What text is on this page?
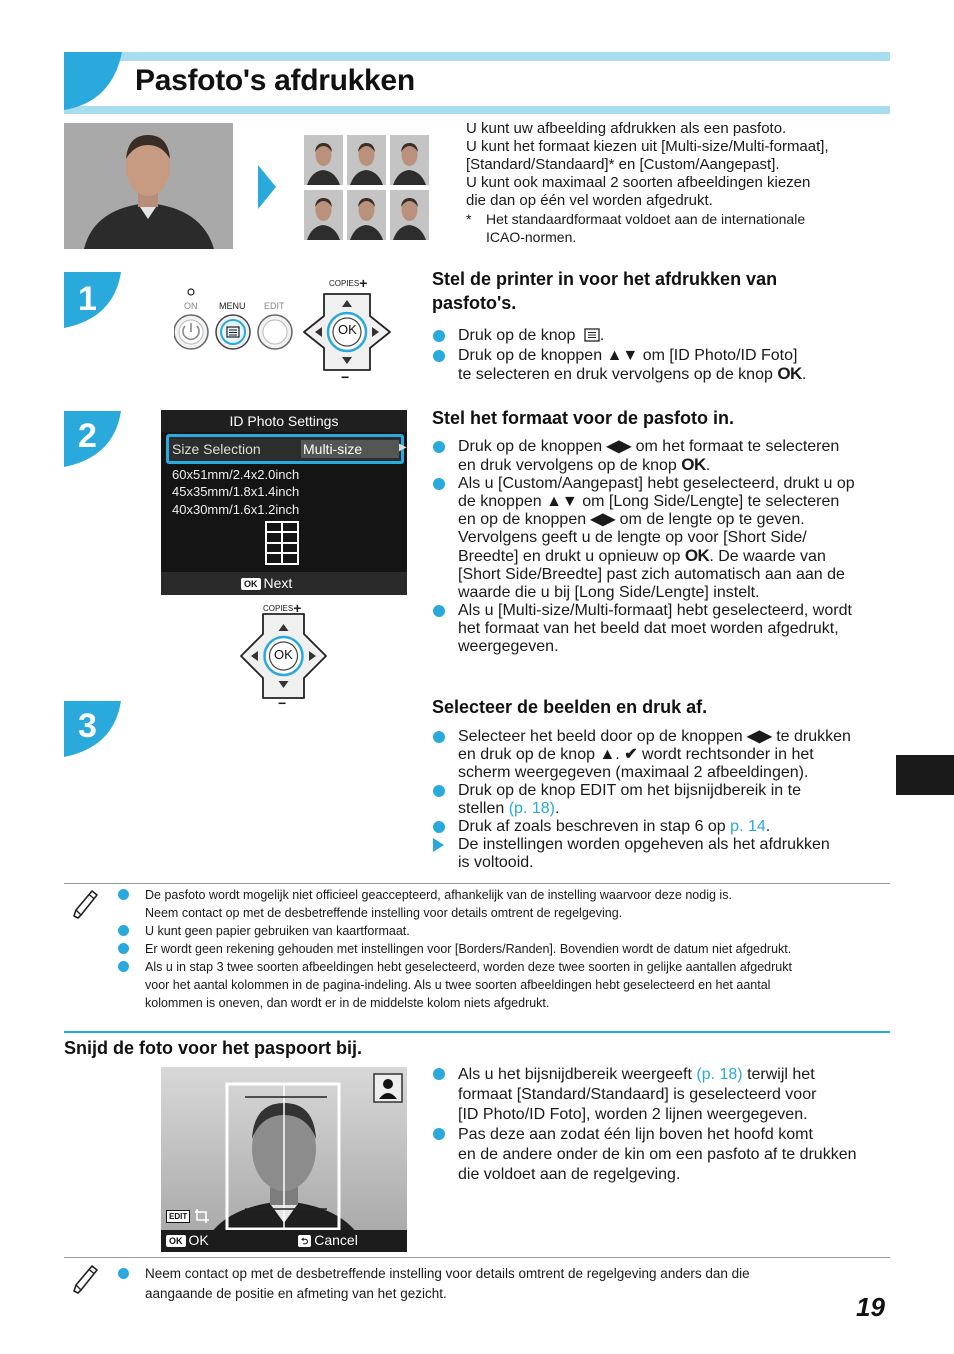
Pasfoto's afdrukken
U kunt uw afbeelding afdrukken als een pasfoto.
U kunt het formaat kiezen uit [Multi-size/Multi-formaat],
[Standard/Standaard]* en [Custom/Aangepast].
U kunt ook maximaal 2 soorten afbeeldingen kiezen
die dan op één vel worden afgedrukt.
*	Het standaardformaat voldoet aan de internationale
ICAO-normen.
1	ON MENU EDIT
COPIES+
OK
−
Stel de printer in voor het afdrukken van
pasfoto's.
Druk op de knop .
Druk op de knoppen ▲▼ om [ID Photo/ID Foto]
te selecteren en druk vervolgens op de knop OK.
2	ID Photo Settings
Size Selection	Multi-size	▶
60x51mm/2.4x2.0inch
45x35mm/1.8x1.4inch
40x30mm/1.6x1.2inch
OK Next
COPIES+
OK
−
Stel het formaat voor de pasfoto in.
Druk op de knoppen ◀▶ om het formaat te selecteren
en druk vervolgens op de knop OK.
Als u [Custom/Aangepast] hebt geselecteerd, drukt u op
de knoppen ▲▼ om [Long Side/Lengte] te selecteren
en op de knoppen ◀▶ om de lengte op te geven.
Vervolgens geeft u de lengte op voor [Short Side/
Breedte] en drukt u opnieuw op OK. De waarde van
[Short Side/Breedte] past zich automatisch aan aan de
waarde die u bij [Long Side/Lengte] instelt.
Als u [Multi-size/Multi-formaat] hebt geselecteerd, wordt
het formaat van het beeld dat moet worden afgedrukt,
weergegeven.
3	Selecteer de beelden en druk af.
Selecteer het beeld door op de knoppen ◀▶ te drukken
en druk op de knop ▲. ✔ wordt rechtsonder in het
scherm weergegeven (maximaal 2 afbeeldingen).
Druk op de knop EDIT om het bijsnijdbereik in te
stellen (p. 18).
Druk af zoals beschreven in stap 6 op p. 14.
De instellingen worden opgeheven als het afdrukken
is voltooid.
De pasfoto wordt mogelijk niet officieel geaccepteerd, afhankelijk van de instelling waarvoor deze nodig is.
Neem contact op met de desbetreffende instelling voor details omtrent de regelgeving.
U kunt geen papier gebruiken van kaartformaat.
Er wordt geen rekening gehouden met instellingen voor [Borders/Randen]. Bovendien wordt de datum niet afgedrukt.
Als u in stap 3 twee soorten afbeeldingen hebt geselecteerd, worden deze twee soorten in gelijke aantallen afgedrukt
voor het aantal kolommen in de pagina-indeling. Als u twee soorten afbeeldingen hebt geselecteerd en het aantal
kolommen is oneven, dan wordt er in de middelste kolom niets afgedrukt.
Snijd de foto voor het paspoort bij.
EDIT
OK OK	⮌ Cancel
Als u het bijsnijdbereik weergeeft (p. 18) terwijl het
formaat [Standard/Standaard] is geselecteerd voor
[ID Photo/ID Foto], worden 2 lijnen weergegeven.
Pas deze aan zodat één lijn boven het hoofd komt
en de andere onder de kin om een pasfoto af te drukken
die voldoet aan de regelgeving.
Neem contact op met de desbetreffende instelling voor details omtrent de regelgeving anders dan die
aangaande de positie en afmeting van het gezicht.	19
